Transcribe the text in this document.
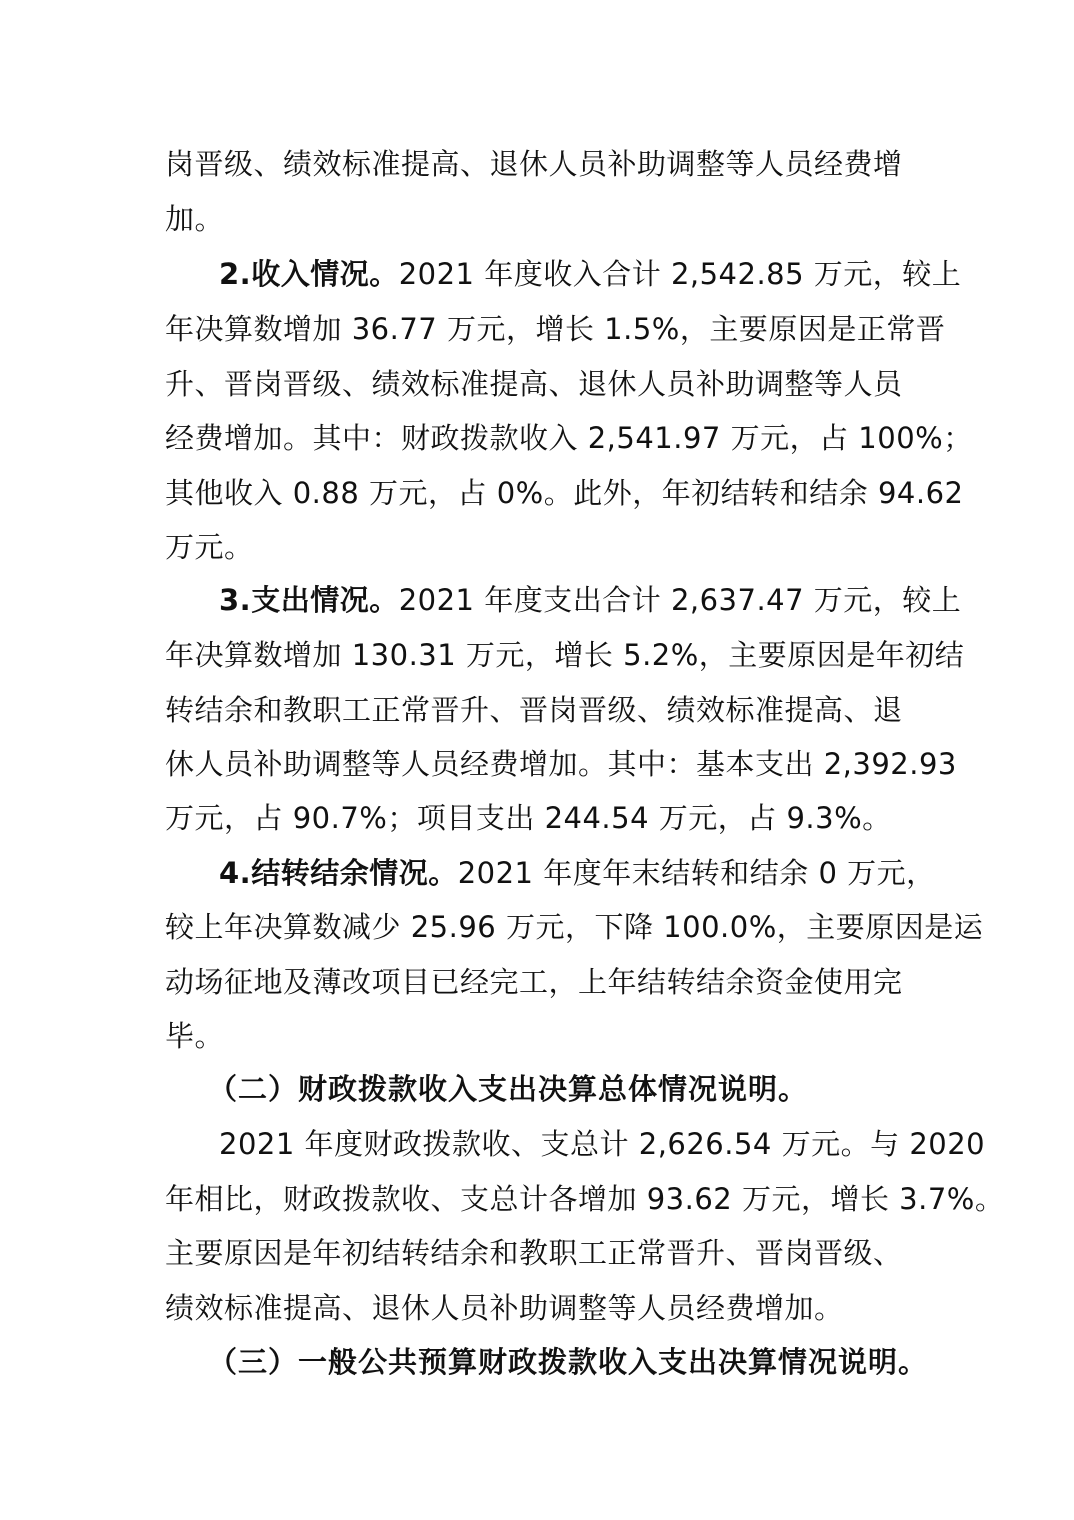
岗晋级、绩效标准提高、退休人员补助调整等人员经费增
加。
2.收入情况。2021 年度收入合计 2,542.85 万元，较上
年决算数增加 36.77 万元，增长 1.5%，主要原因是正常晋
升、晋岗晋级、绩效标准提高、退休人员补助调整等人员
经费增加。其中：财政拨款收入 2,541.97 万元，占 100%；
其他收入 0.88 万元，占 0%。此外，年初结转和结余 94.62
万元。
3.支出情况。2021 年度支出合计 2,637.47 万元，较上
年决算数增加 130.31 万元，增长 5.2%，主要原因是年初结
转结余和教职工正常晋升、晋岗晋级、绩效标准提高、退
休人员补助调整等人员经费增加。其中：基本支出 2,392.93
万元，占 90.7%；项目支出 244.54 万元，占 9.3%。
4.结转结余情况。2021 年度年末结转和结余 0 万元，
较上年决算数减少 25.96 万元，下降 100.0%，主要原因是运
动场征地及薄改项目已经完工，上年结转结余资金使用完
毕。
（二）财政拨款收入支出决算总体情况说明。
2021 年度财政拨款收、支总计 2,626.54 万元。与 2020
年相比，财政拨款收、支总计各增加 93.62 万元，增长 3.7%。
主要原因是年初结转结余和教职工正常晋升、晋岗晋级、
绩效标准提高、退休人员补助调整等人员经费增加。
（三）一般公共预算财政拨款收入支出决算情况说明。
